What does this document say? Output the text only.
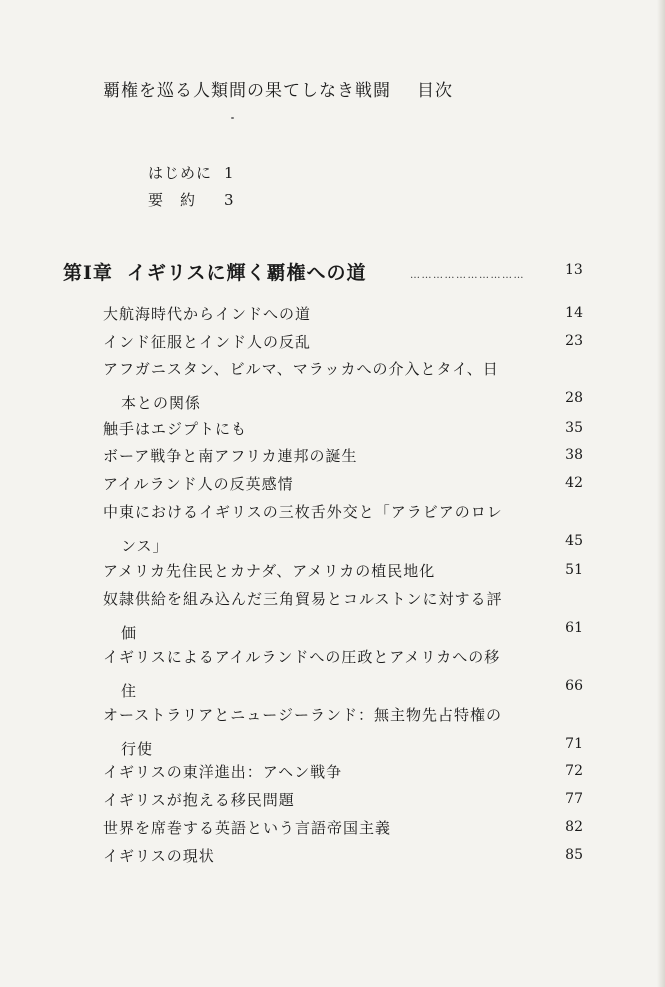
覇権を巡る人類間の果てしなき戦闘 目次
はじめに 1
要　約 3
第Ⅰ章 イギリスに輝く覇権への道	…………………………	13
大航海時代からインドへの道	14
インド征服とインド人の反乱	23
アフガニスタン、ビルマ、マラッカへの介入とタイ、日
本との関係	28
触手はエジプトにも	35
ボーア戦争と南アフリカ連邦の誕生	38
アイルランド人の反英感情	42
中東におけるイギリスの三枚舌外交と「アラビアのロレ
ンス」	45
アメリカ先住民とカナダ、アメリカの植民地化	51
奴隷供給を組み込んだ三角貿易とコルストンに対する評
価	61
イギリスによるアイルランドへの圧政とアメリカへの移
住	66
オーストラリアとニュージーランド：無主物先占特権の
行使	71
イギリスの東洋進出：アヘン戦争	72
イギリスが抱える移民問題	77
世界を席巻する英語という言語帝国主義	82
イギリスの現状	85
